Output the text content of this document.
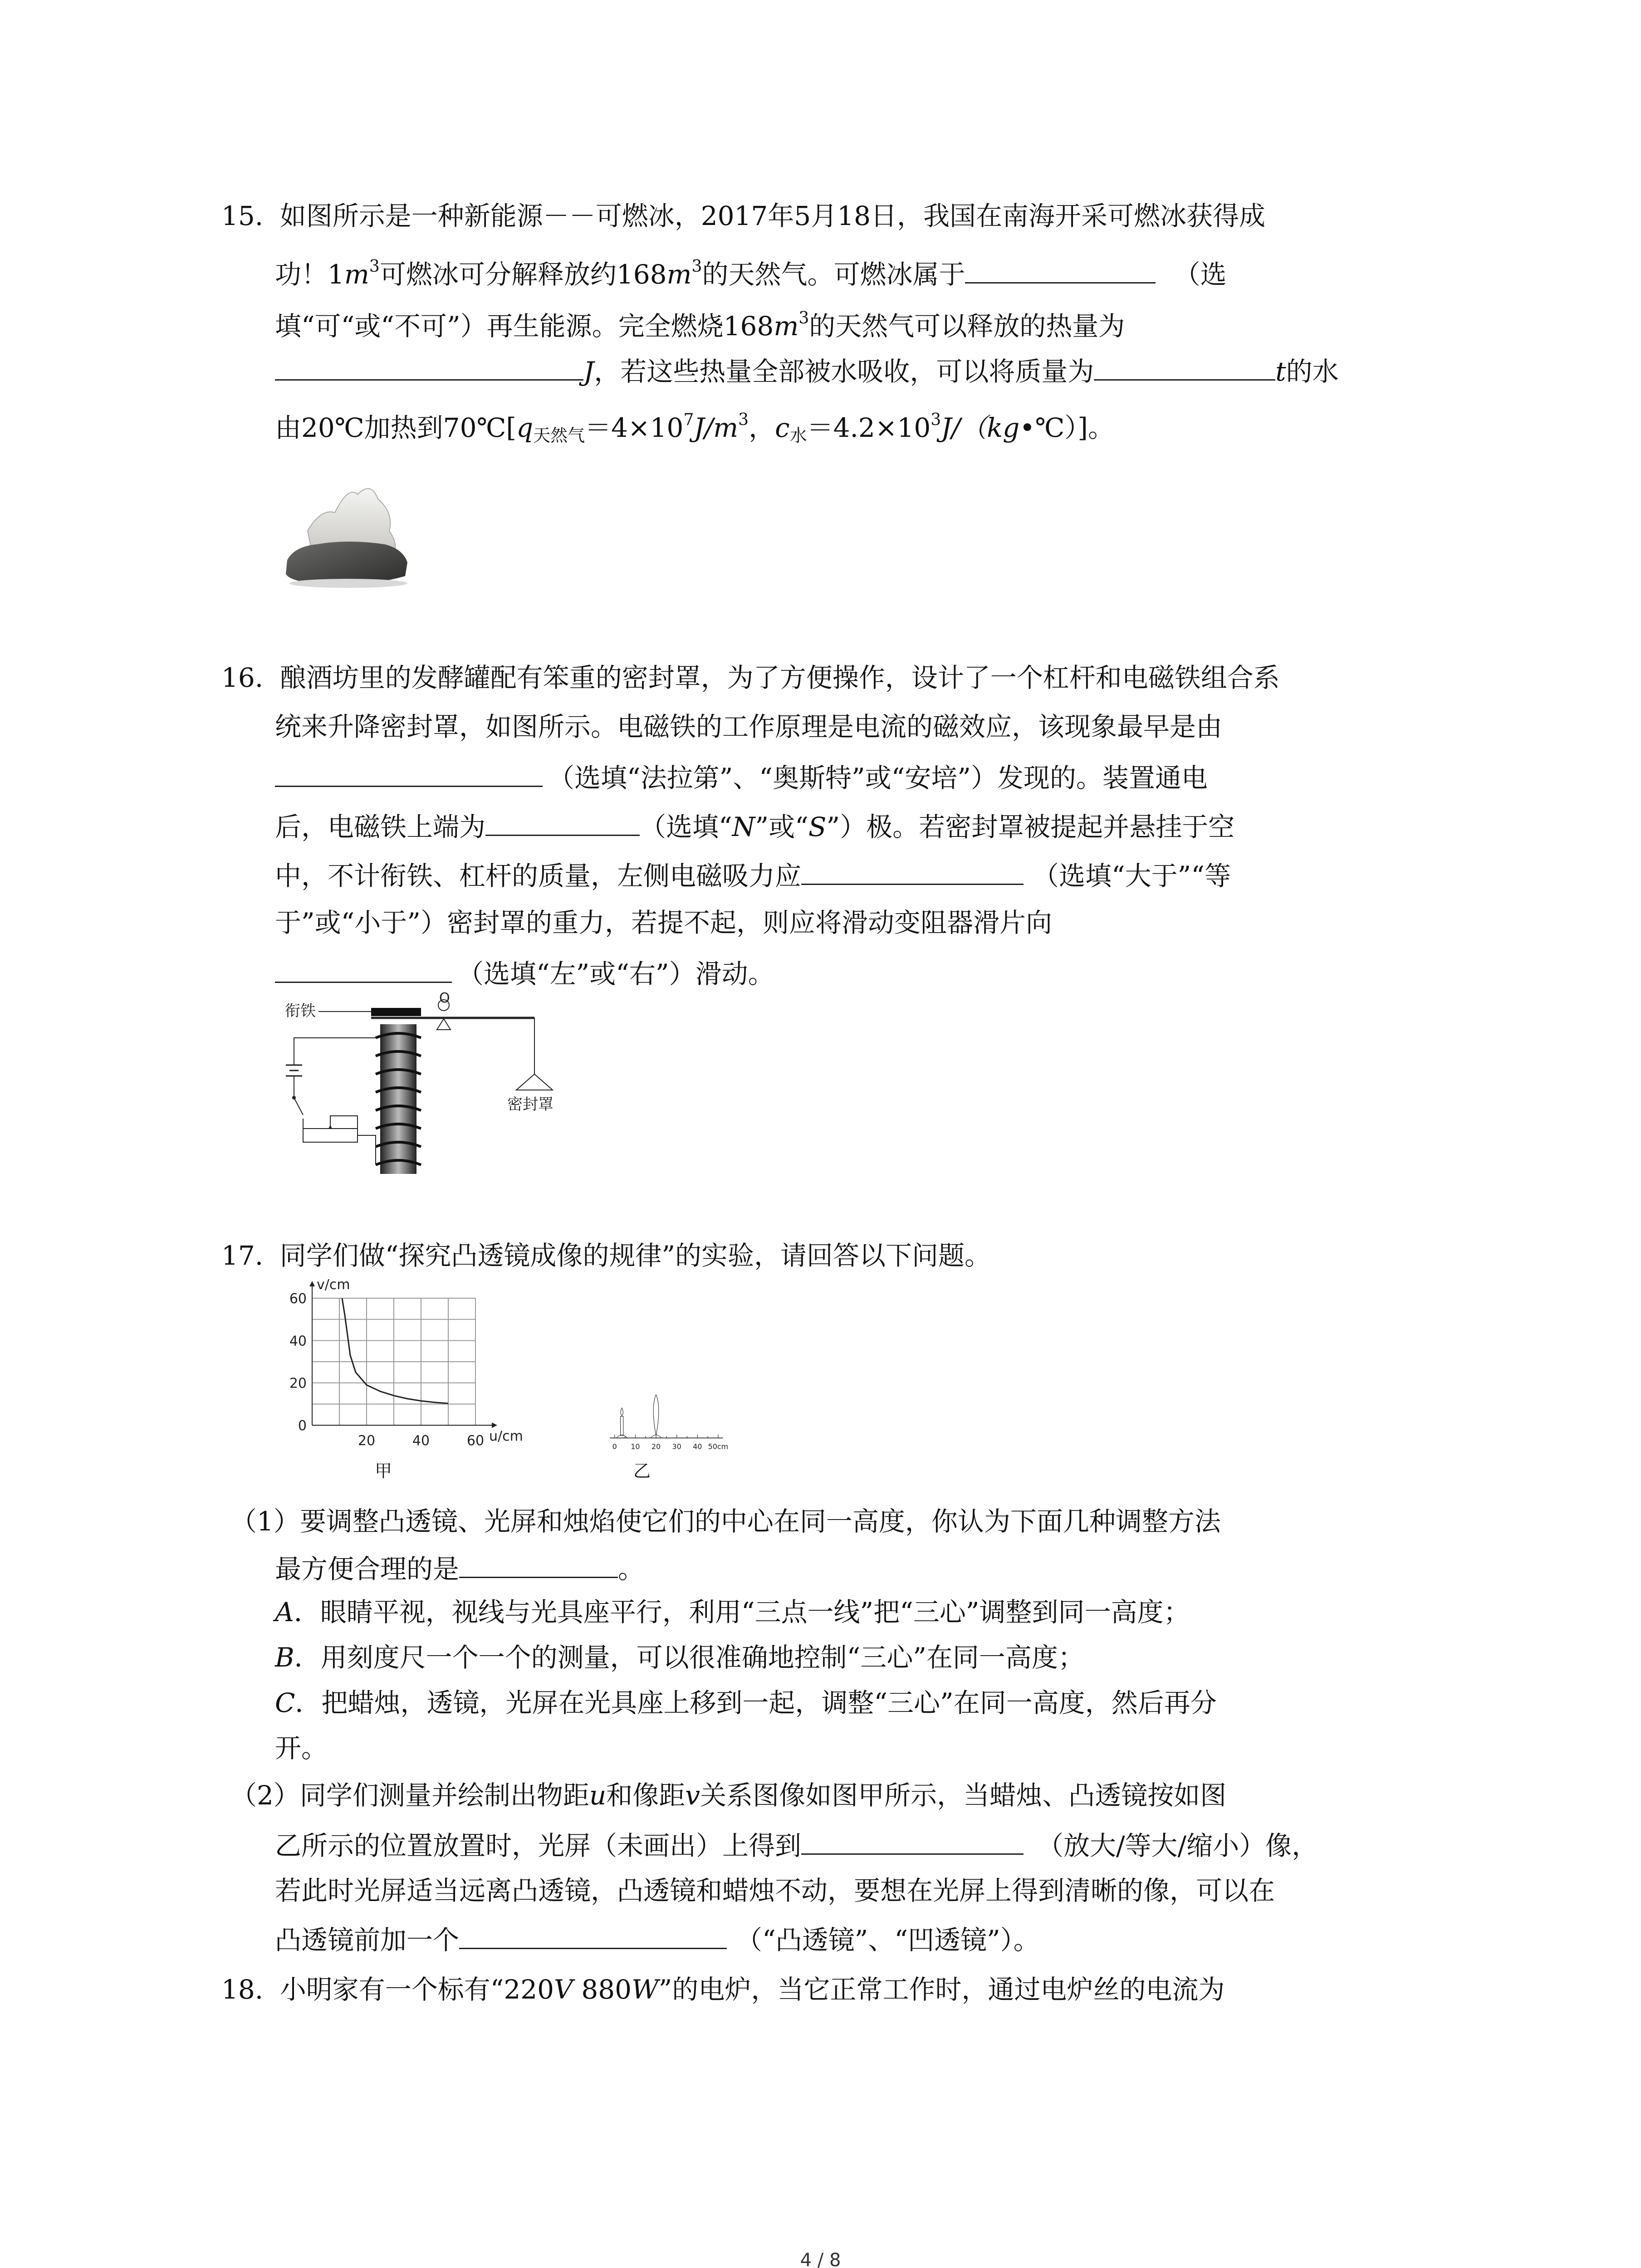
15. 如图所示是一种新能源－－可燃冰，2017年5月18日，我国在南海开采可燃冰获得成
功！$1m^3$可燃冰可分解释放约$168m^3$的天然气。可燃冰属于	（选
填“可“或“不可”）再生能源。完全燃烧$168m^3$的天然气可以释放的热量为
J，若这些热量全部被水吸收，可以将质量为	t的水
由20℃加热到$70℃[q_{天然气}=4\times 10^7J/m^3$，$c_水=4.2\times 10^3J/(kg•℃)$]。
16. 酿酒坊里的发酵罐配有笨重的密封罩，为了方便操作，设计了一个杠杆和电磁铁组合系
统来升降密封罩，如图所示。电磁铁的工作原理是电流的磁效应，该现象最早是由
（选填“法拉第”、“奥斯特”或“安培”）发现的。装置通电
后，电磁铁上端为	（选填“N”或“S”）极。若密封罩被提起并悬挂于空
中，不计衔铁、杠杆的质量，左侧电磁吸力应	（选填“大于”“等
于”或“小于”）密封罩的重力，若提不起，则应将滑动变阻器滑片向
（选填“左”或“右”）滑动。
衔铁
O
密封罩
17. 同学们做“探究凸透镜成像的规律”的实验，请回答以下问题。
0
20
40
60
20	40	60
v/cm
u/cm
甲
0 10 20 30 40 50cm
乙
（1）要调整凸透镜、光屏和烛焰使它们的中心在同一高度，你认为下面几种调整方法
最方便合理的是	。
A．眼睛平视，视线与光具座平行，利用“三点一线”把“三心”调整到同一高度；
B．用刻度尺一个一个的测量，可以很准确地控制“三心”在同一高度；
C．把蜡烛，透镜，光屏在光具座上移到一起，调整“三心”在同一高度，然后再分
开。
（2）同学们测量并绘制出物距u和像距v关系图像如图甲所示，当蜡烛、凸透镜按如图
乙所示的位置放置时，光屏（未画出）上得到	（放大/等大/缩小）像，
若此时光屏适当远离凸透镜，凸透镜和蜡烛不动，要想在光屏上得到清晰的像，可以在
凸透镜前加一个	（“凸透镜”、“凹透镜”）。
18. 小明家有一个标有“220V 880W”的电炉，当它正常工作时，通过电炉丝的电流为
4 / 8
